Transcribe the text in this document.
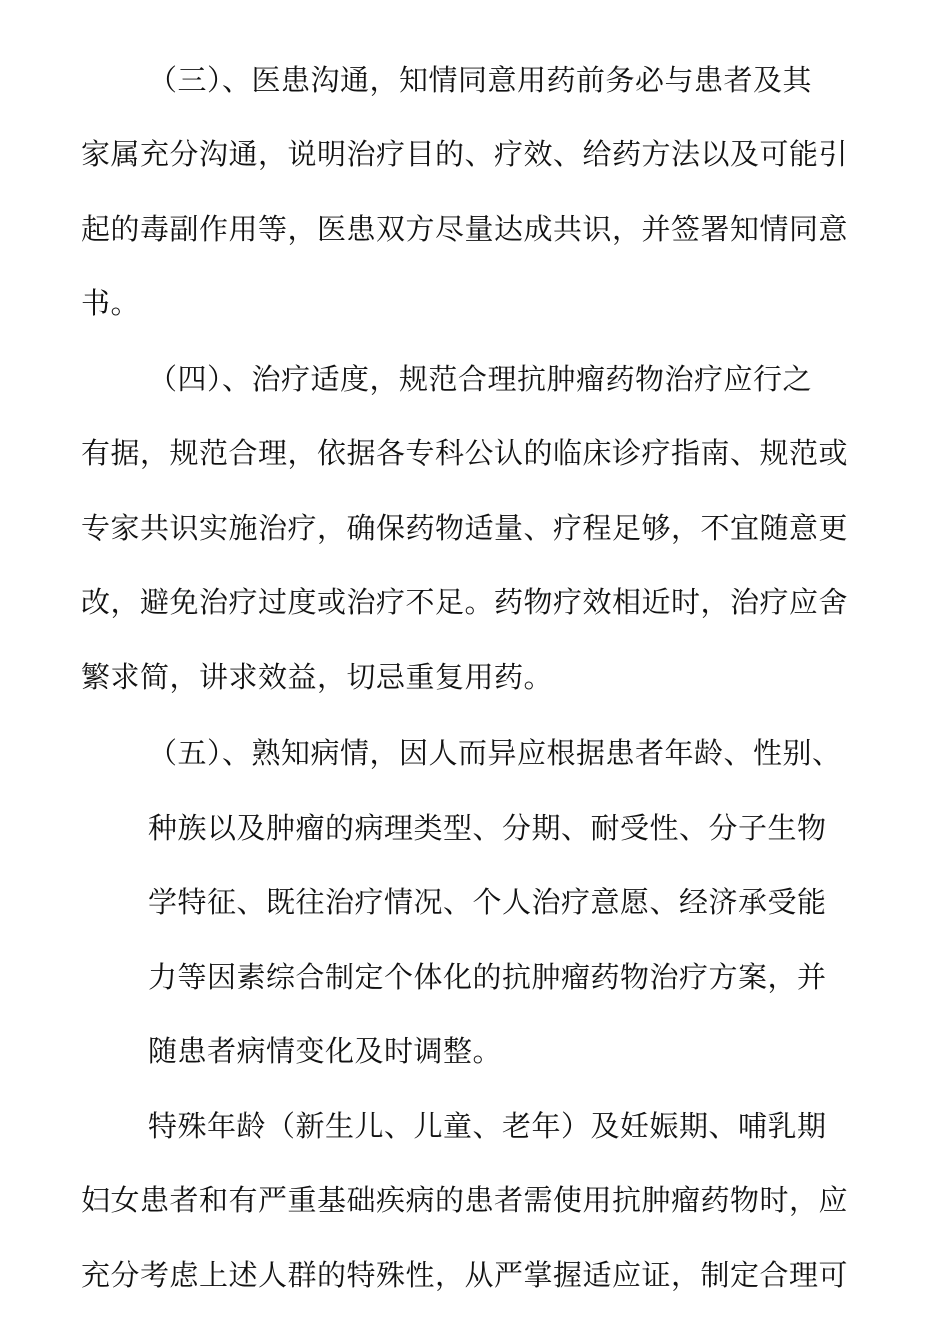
（三）、医患沟通，知情同意用药前务必与患者及其
家属充分沟通，说明治疗目的、疗效、给药方法以及可能引
起的毒副作用等，医患双方尽量达成共识，并签署知情同意
书。
（四）、治疗适度，规范合理抗肿瘤药物治疗应行之
有据，规范合理，依据各专科公认的临床诊疗指南、规范或
专家共识实施治疗，确保药物适量、疗程足够，不宜随意更
改，避免治疗过度或治疗不足。药物疗效相近时，治疗应舍
繁求简，讲求效益，切忌重复用药。
（五）、熟知病情，因人而异应根据患者年龄、性别、
种族以及肿瘤的病理类型、分期、耐受性、分子生物
学特征、既往治疗情况、个人治疗意愿、经济承受能
力等因素综合制定个体化的抗肿瘤药物治疗方案，并
随患者病情变化及时调整。
特殊年龄（新生儿、儿童、老年）及妊娠期、哺乳期
妇女患者和有严重基础疾病的患者需使用抗肿瘤药物时，应
充分考虑上述人群的特殊性，从严掌握适应证，制定合理可
